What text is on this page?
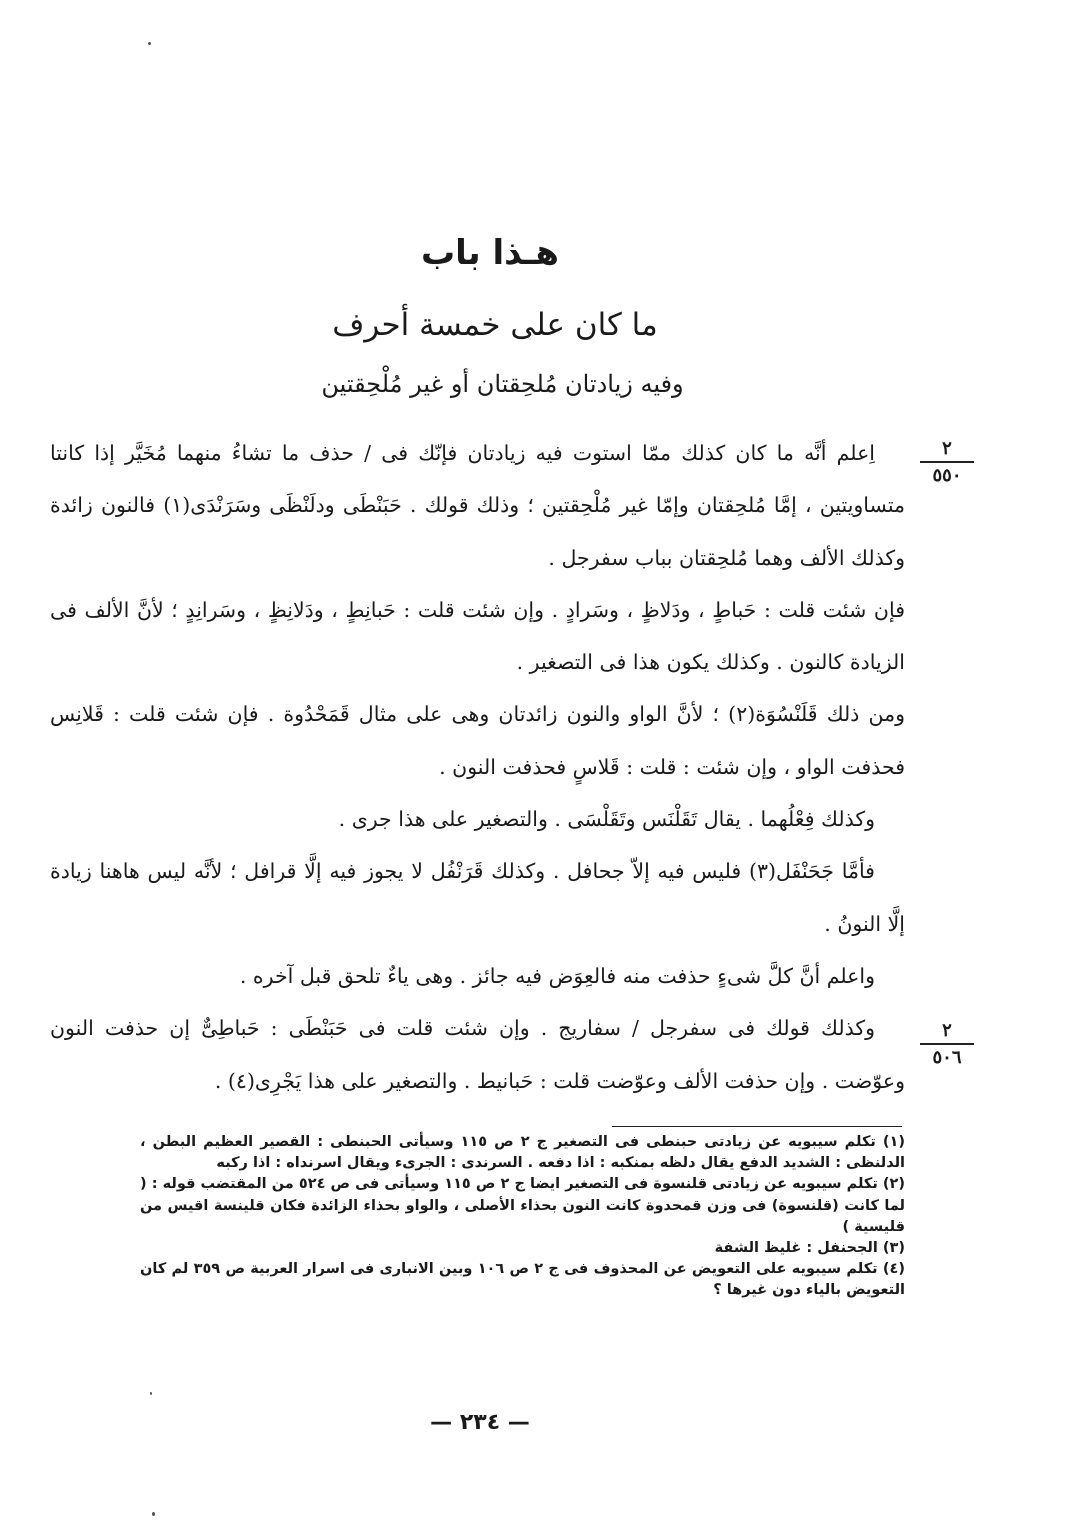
هـذا باب
ما كان على خمسة أحرف
وفيه زيادتان مُلحِقتان أو غير مُلْحِقتين
٢
٥٥٠
٢
٥٠٦

اِعلم أنَّه ما كان كذلك ممّا استوت فيه زيادتان فإنّك فى / حذف ما تشاءُ منهما مُخَيَّر إذا كانتا متساويتين ، إمَّا مُلحِقتان وإمّا غير مُلْحِقتين ؛ وذلك قولك . حَبَنْطَى ودلَنْظَى وسَرَنْدَى(١) فالنون زائدة وكذلك الألف وهما مُلحِقتان بباب سفرجل .

فإن شئت قلت : حَباطٍ ، ودَلاظٍ ، وسَرادٍ . وإن شئت قلت : حَبانِطٍ ، ودَلانِظٍ ، وسَرانِدٍ ؛ لأنَّ الألف فى الزيادة كالنون . وكذلك يكون هذا فى التصغير .

ومن ذلك قَلَنْسُوَة(٢) ؛ لأنَّ الواو والنون زائدتان وهى على مثال قَمَحْدُوة . فإن شئت قلت : قَلانِس فحذفت الواو ، وإن شئت : قلت : قَلاسٍ فحذفت النون .

وكذلك فِعْلُهما . يقال تَقَلْنَس وتَقَلْسَى . والتصغير على هذا جرى .

فأمَّا جَحَنْفَل(٣) فليس فيه إلاّ جحافل . وكذلك قَرَنْفُل لا يجوز فيه إلَّا قرافل ؛ لأنَّه ليس هاهنا زيادة إلَّا النونُ .

واعلم أنَّ كلَّ شىءٍ حذفت منه فالعِوَض فيه جائز . وهى ياءٌ تلحق قبل آخره .

وكذلك قولك فى سفرجل / سفاريج . وإن شئت قلت فى حَبَنْطَى : حَباطِىٌّ إن حذفت النون وعوّضت . وإن حذفت الألف وعوّضت قلت : حَبانيط . والتصغير على هذا يَجْرِى(٤) .

(١) تكلم سيبويه عن زيادتى حبنطى فى التصغير ج ٢ ص ١١٥ وسيأتى الحبنطى : القصير العظيم البطن ، الدلنظى : الشديد الدفع يقال دلظه بمنكبه : اذا دفعه . السرندى : الجرىء ويقال اسرنداه : اذا ركبه

(٢) تكلم سيبويه عن زيادتى قلنسوة فى التصغير ايضا ج ٢ ص ١١٥ وسيأتى فى ص ٥٢٤ من المقتضب قوله : ( لما كانت (قلنسوة) فى وزن قمحدوة كانت النون بحذاء الأصلى ، والواو بحذاء الزائدة فكان قلينسة اقيس من قليسية )

(٣) الجحنفل : غليظ الشفة

(٤) تكلم سيبويه على التعويض عن المحذوف فى ج ٢ ص ١٠٦ وبين الانبارى فى اسرار العربية ص ٣٥٩ لم كان التعويض بالياء دون غيرها ؟

— ٢٣٤ —
